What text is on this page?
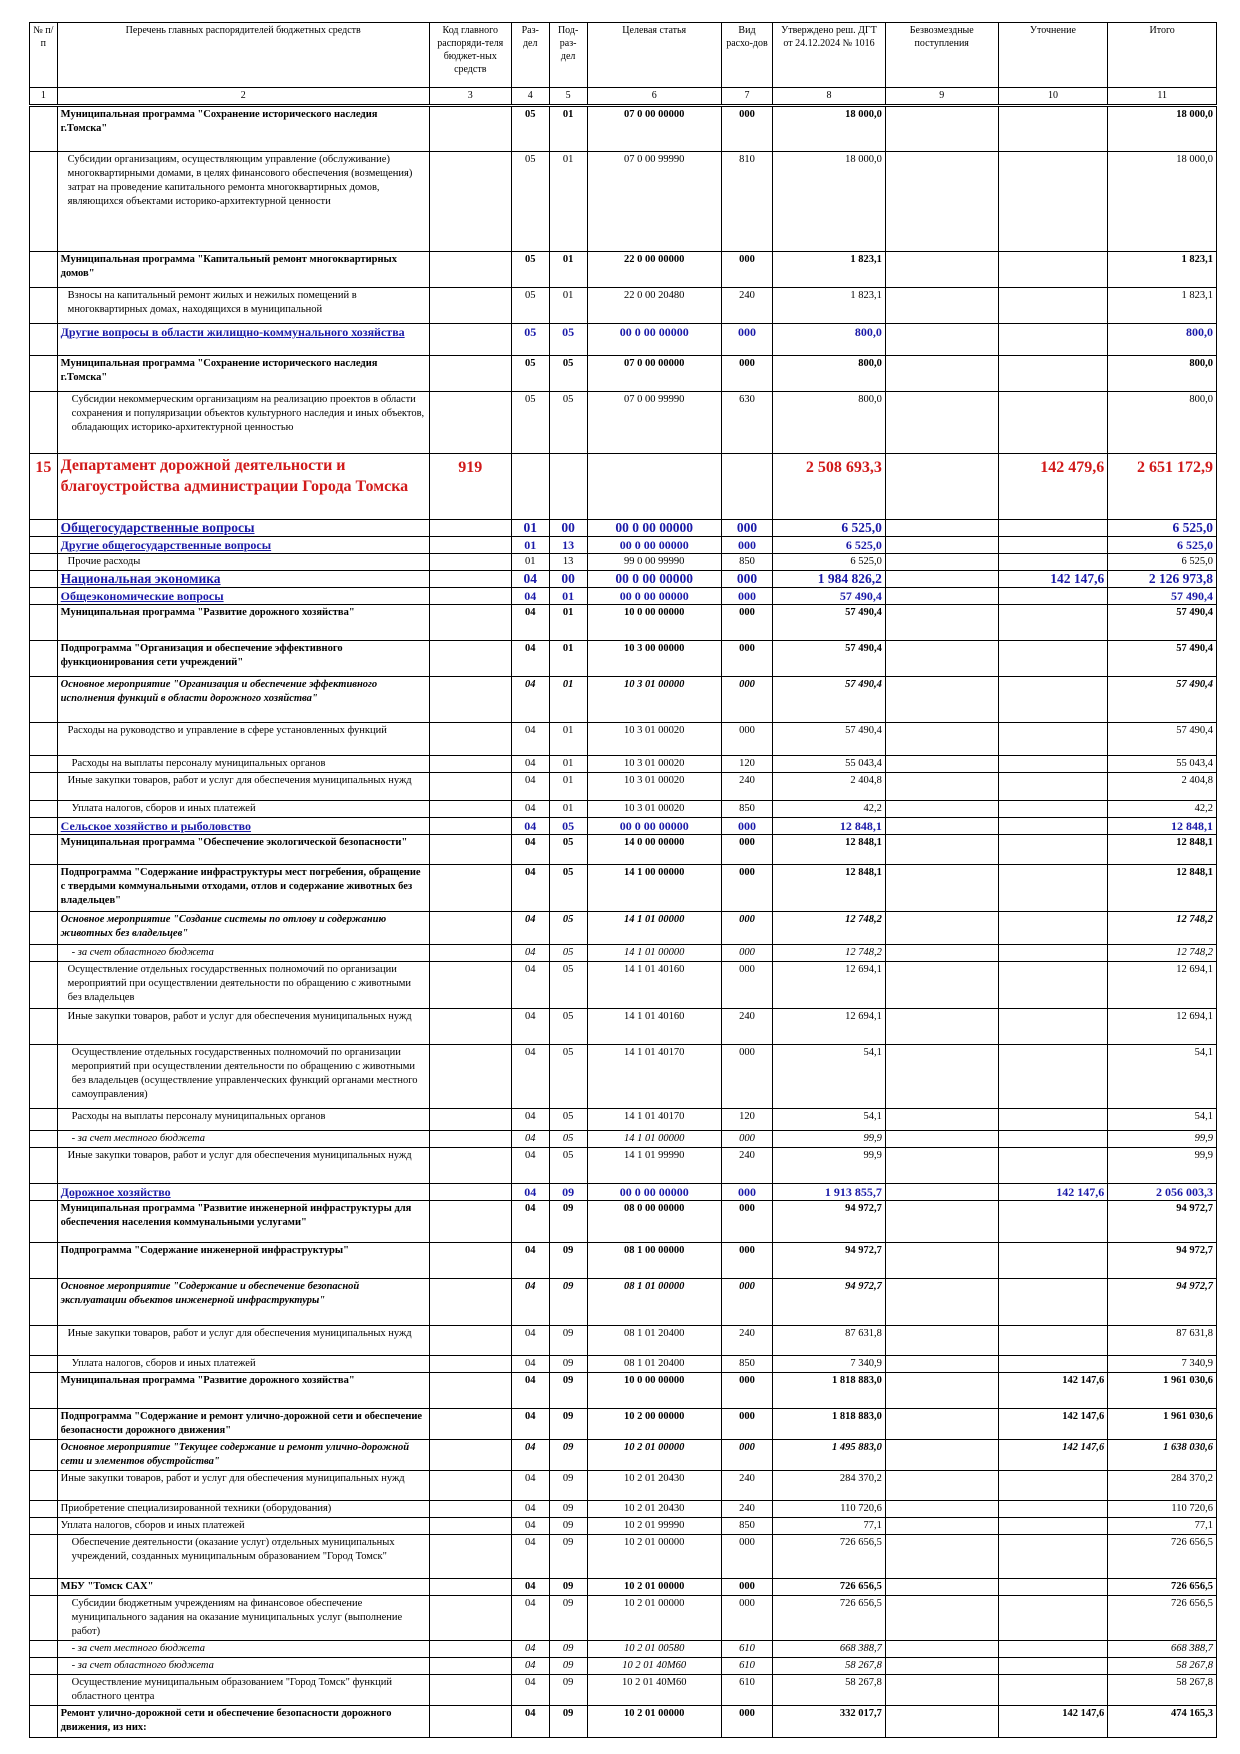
№ п/п	Перечень главных распорядителей бюджетных средств	Код главного распоряди-теля бюджет-ных средств	Раз-дел	Под-раз-дел	Целевая статья	Вид расхо-дов	Утверждено реш. ДГТ от 24.12.2024 № 1016	Безвозмездные поступления	Уточнение	Итого
1	2	3	4	5	6	7	8	9	10	11
	Муниципальная программа "Сохранение исторического наследия г.Томска"		05	01	07 0 00 00000	000	18 000,0			18 000,0
	Субсидии организациям, осуществляющим управление (обслуживание) многоквартирными домами, в целях финансового обеспечения (возмещения) затрат на проведение капитального ремонта многоквартирных домов, являющихся объектами историко-архитектурной ценности		05	01	07 0 00 99990	810	18 000,0			18 000,0
	Муниципальная программа "Капитальный ремонт многоквартирных домов"		05	01	22 0 00 00000	000	1 823,1			1 823,1
	Взносы на капитальный ремонт жилых и нежилых помещений в многоквартирных домах, находящихся в муниципальной		05	01	22 0 00 20480	240	1 823,1			1 823,1
	Другие вопросы в области жилищно-коммунального хозяйства		05	05	00 0 00 00000	000	800,0			800,0
	Муниципальная программа "Сохранение исторического наследия г.Томска"		05	05	07 0 00 00000	000	800,0			800,0
	Субсидии некоммерческим организациям на реализацию проектов в области сохранения и популяризации объектов культурного наследия и иных объектов, обладающих историко-архитектурной ценностью		05	05	07 0 00 99990	630	800,0			800,0
15	Департамент дорожной деятельности и благоустройства администрации Города Томска	919					2 508 693,3		142 479,6	2 651 172,9
	Общегосударственные вопросы		01	00	00 0 00 00000	000	6 525,0			6 525,0
	Другие общегосударственные вопросы		01	13	00 0 00 00000	000	6 525,0			6 525,0
	Прочие расходы		01	13	99 0 00 99990	850	6 525,0			6 525,0
	Национальная экономика		04	00	00 0 00 00000	000	1 984 826,2		142 147,6	2 126 973,8
	Общеэкономические вопросы		04	01	00 0 00 00000	000	57 490,4			57 490,4
	Муниципальная программа "Развитие дорожного хозяйства"		04	01	10 0 00 00000	000	57 490,4			57 490,4
	Подпрограмма "Организация и обеспечение эффективного функционирования сети учреждений"		04	01	10 3 00 00000	000	57 490,4			57 490,4
	Основное мероприятие "Организация и обеспечение эффективного исполнения функций в области дорожного хозяйства"		04	01	10 3 01 00000	000	57 490,4			57 490,4
	Расходы на руководство и управление в сфере установленных функций		04	01	10 3 01 00020	000	57 490,4			57 490,4
	Расходы на выплаты персоналу муниципальных органов		04	01	10 3 01 00020	120	55 043,4			55 043,4
	Иные закупки товаров, работ и услуг для обеспечения муниципальных нужд		04	01	10 3 01 00020	240	2 404,8			2 404,8
	Уплата налогов, сборов и иных платежей		04	01	10 3 01 00020	850	42,2			42,2
	Сельское хозяйство и рыболовство		04	05	00 0 00 00000	000	12 848,1			12 848,1
	Муниципальная программа "Обеспечение экологической безопасности"		04	05	14 0 00 00000	000	12 848,1			12 848,1
	Подпрограмма "Содержание инфраструктуры мест погребения, обращение с твердыми коммунальными отходами, отлов и содержание животных без владельцев"		04	05	14 1 00 00000	000	12 848,1			12 848,1
	Основное мероприятие "Создание системы по отлову и содержанию животных без владельцев"		04	05	14 1 01 00000	000	12 748,2			12 748,2
	- за счет областного бюджета		04	05	14 1 01 00000	000	12 748,2			12 748,2
	Осуществление отдельных государственных полномочий по организации мероприятий при осуществлении деятельности по обращению с животными без владельцев		04	05	14 1 01 40160	000	12 694,1			12 694,1
	Иные закупки товаров, работ и услуг для обеспечения муниципальных нужд		04	05	14 1 01 40160	240	12 694,1			12 694,1
	Осуществление отдельных государственных полномочий по организации мероприятий при осуществлении деятельности по обращению с животными без владельцев (осуществление управленческих функций органами местного самоуправления)		04	05	14 1 01 40170	000	54,1			54,1
	Расходы на выплаты персоналу муниципальных органов		04	05	14 1 01 40170	120	54,1			54,1
	- за счет местного бюджета		04	05	14 1 01 00000	000	99,9			99,9
	Иные закупки товаров, работ и услуг для обеспечения муниципальных нужд		04	05	14 1 01 99990	240	99,9			99,9
	Дорожное хозяйство		04	09	00 0 00 00000	000	1 913 855,7		142 147,6	2 056 003,3
	Муниципальная программа "Развитие инженерной инфраструктуры для обеспечения населения коммунальными услугами"		04	09	08 0 00 00000	000	94 972,7			94 972,7
	Подпрограмма "Содержание инженерной инфраструктуры"		04	09	08 1 00 00000	000	94 972,7			94 972,7
	Основное мероприятие "Содержание и обеспечение безопасной эксплуатации объектов инженерной инфраструктуры"		04	09	08 1 01 00000	000	94 972,7			94 972,7
	Иные закупки товаров, работ и услуг для обеспечения муниципальных нужд		04	09	08 1 01 20400	240	87 631,8			87 631,8
	Уплата налогов, сборов и иных платежей		04	09	08 1 01 20400	850	7 340,9			7 340,9
	Муниципальная программа "Развитие дорожного хозяйства"		04	09	10 0 00 00000	000	1 818 883,0		142 147,6	1 961 030,6
	Подпрограмма "Содержание и ремонт улично-дорожной сети и обеспечение безопасности дорожного движения"		04	09	10 2 00 00000	000	1 818 883,0		142 147,6	1 961 030,6
	Основное мероприятие "Текущее содержание и ремонт улично-дорожной сети и элементов обустройства"		04	09	10 2 01 00000	000	1 495 883,0		142 147,6	1 638 030,6
	Иные закупки товаров, работ и услуг для обеспечения муниципальных нужд		04	09	10 2 01 20430	240	284 370,2			284 370,2
	Приобретение специализированной техники (оборудования)		04	09	10 2 01 20430	240	110 720,6			110 720,6
	Уплата налогов, сборов и иных платежей		04	09	10 2 01 99990	850	77,1			77,1
	Обеспечение деятельности (оказание услуг) отдельных муниципальных учреждений, созданных муниципальным образованием "Город Томск"		04	09	10 2 01 00000	000	726 656,5			726 656,5
	МБУ "Томск САХ"		04	09	10 2 01 00000	000	726 656,5			726 656,5
	Субсидии бюджетным учреждениям на финансовое обеспечение муниципального задания на оказание муниципальных услуг (выполнение работ)		04	09	10 2 01 00000	000	726 656,5			726 656,5
	- за счет местного бюджета		04	09	10 2 01 00580	610	668 388,7			668 388,7
	- за счет областного бюджета		04	09	10 2 01 40М60	610	58 267,8			58 267,8
	Осуществление муниципальным образованием "Город Томск" функций областного центра		04	09	10 2 01 40М60	610	58 267,8			58 267,8
	Ремонт улично-дорожной сети и обеспечение безопасности дорожного движения, из них:		04	09	10 2 01 00000	000	332 017,7		142 147,6	474 165,3
